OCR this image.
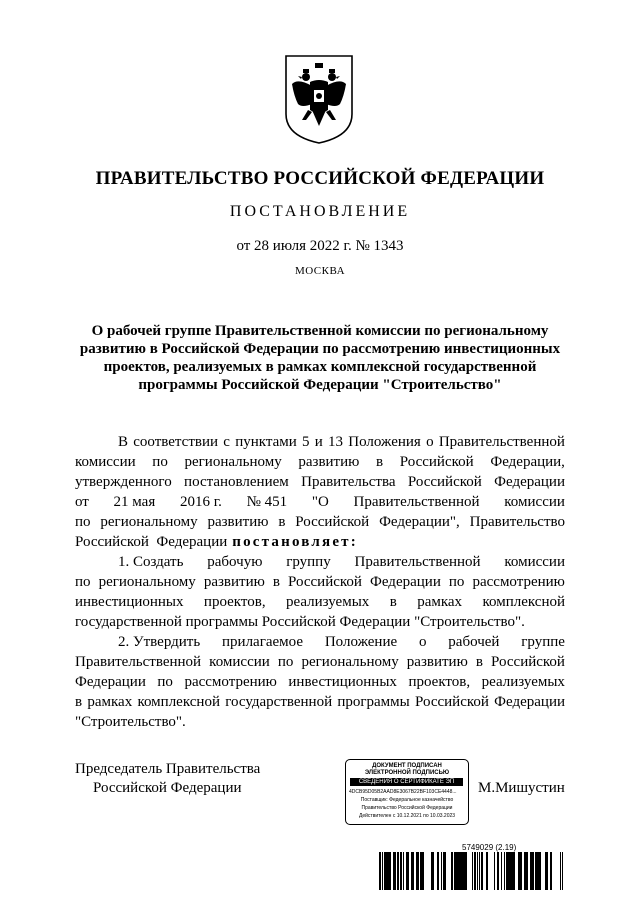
ПРАВИТЕЛЬСТВО РОССИЙСКОЙ ФЕДЕРАЦИИ
ПОСТАНОВЛЕНИЕ
от 28 июля 2022 г. № 1343
МОСКВА
О рабочей группе Правительственной комиссии по региональному
развитию в Российской Федерации по рассмотрению инвестиционных
проектов, реализуемых в рамках комплексной государственной
программы Российской Федерации "Строительство"
В соответствии с пунктами 5 и 13 Положения о Правительственной
комиссии по региональному развитию в Российской Федерации,
утвержденного постановлением Правительства Российской Федерации
от 21 мая 2016 г. № 451 "О Правительственной комиссии
по региональному развитию в Российской Федерации", Правительство
Российской  Федерации постановляет:
1. Создать рабочую группу Правительственной комиссии
по региональному развитию в Российской Федерации по рассмотрению
инвестиционных проектов, реализуемых в рамках комплексной
государственной программы Российской Федерации "Строительство".
2. Утвердить прилагаемое Положение о рабочей группе
Правительственной комиссии по региональному развитию в Российской
Федерации по рассмотрению инвестиционных проектов, реализуемых
в рамках комплексной государственной программы Российской Федерации
"Строительство".
Председатель Правительства
Российской Федерации
ДОКУМЕНТ ПОДПИСАН
ЭЛЕКТРОННОЙ ПОДПИСЬЮ
СВЕДЕНИЯ О СЕРТИФИКАТЕ ЭП
4DCB95D05B2AAD8E3067B22BF103CE4448...
Поставщик: Федеральное казначейство
Правительство Российской Федерации
Действителен с 10.12.2021 по 10.03.2023
М.Мишустин
5749029 (2.19)
